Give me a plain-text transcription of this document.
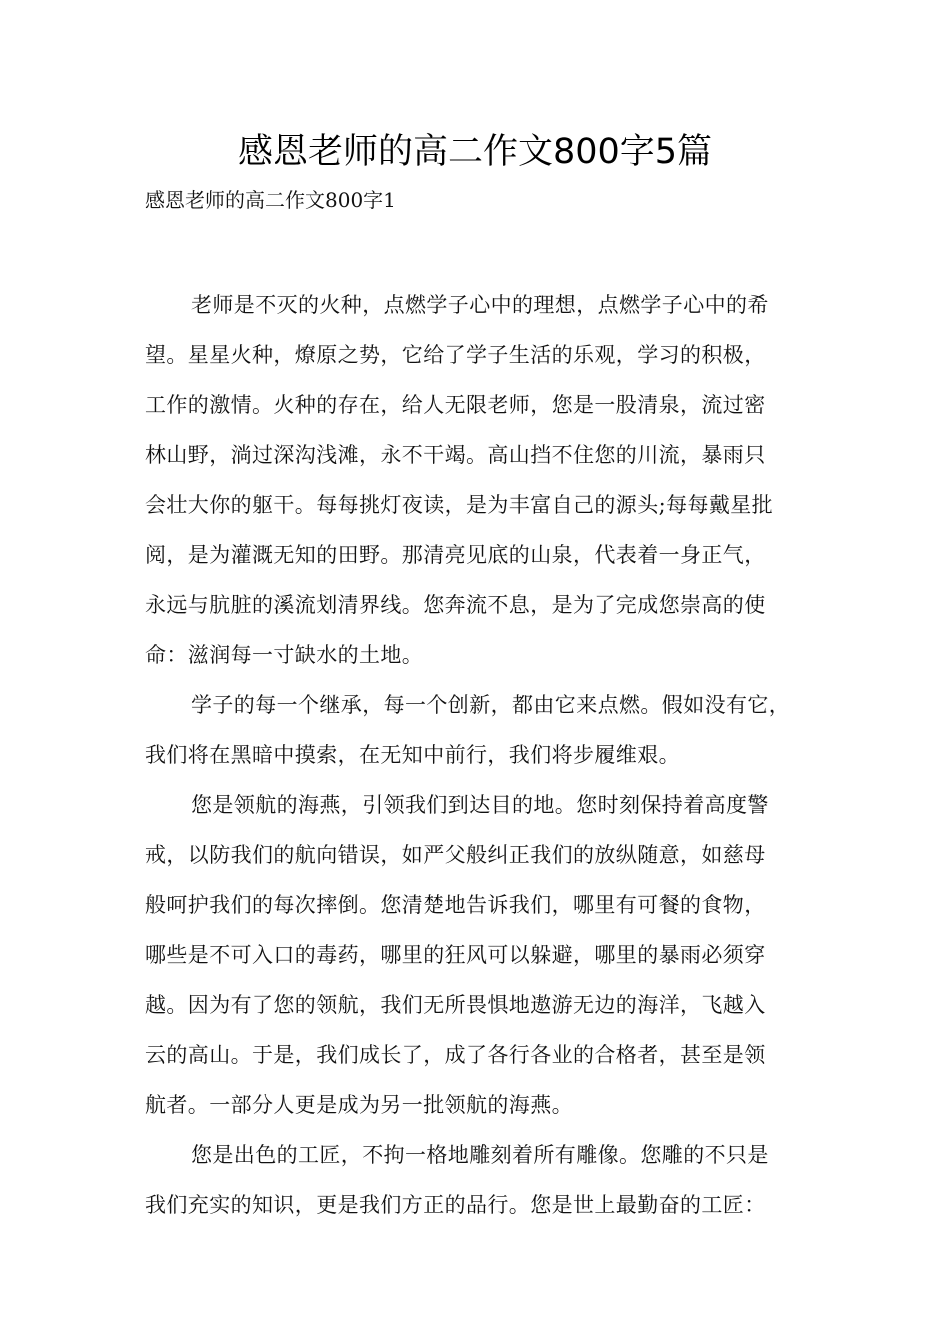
感恩老师的高二作文800字5篇

感恩老师的高二作文800字1

老师是不灭的火种，点燃学子心中的理想，点燃学子心中的希
望。星星火种，燎原之势，它给了学子生活的乐观，学习的积极，
工作的激情。火种的存在，给人无限老师，您是一股清泉，流过密
林山野，淌过深沟浅滩，永不干竭。高山挡不住您的川流，暴雨只
会壮大你的躯干。每每挑灯夜读，是为丰富自己的源头;每每戴星批
阅，是为灌溉无知的田野。那清亮见底的山泉，代表着一身正气，
永远与肮脏的溪流划清界线。您奔流不息，是为了完成您崇高的使
命：滋润每一寸缺水的土地。

学子的每一个继承，每一个创新，都由它来点燃。假如没有它，
我们将在黑暗中摸索，在无知中前行，我们将步履维艰。

您是领航的海燕，引领我们到达目的地。您时刻保持着高度警
戒，以防我们的航向错误，如严父般纠正我们的放纵随意，如慈母
般呵护我们的每次摔倒。您清楚地告诉我们，哪里有可餐的食物，
哪些是不可入口的毒药，哪里的狂风可以躲避，哪里的暴雨必须穿
越。因为有了您的领航，我们无所畏惧地遨游无边的海洋，飞越入
云的高山。于是，我们成长了，成了各行各业的合格者，甚至是领
航者。一部分人更是成为另一批领航的海燕。

您是出色的工匠，不拘一格地雕刻着所有雕像。您雕的不只是
我们充实的知识，更是我们方正的品行。您是世上最勤奋的工匠：
